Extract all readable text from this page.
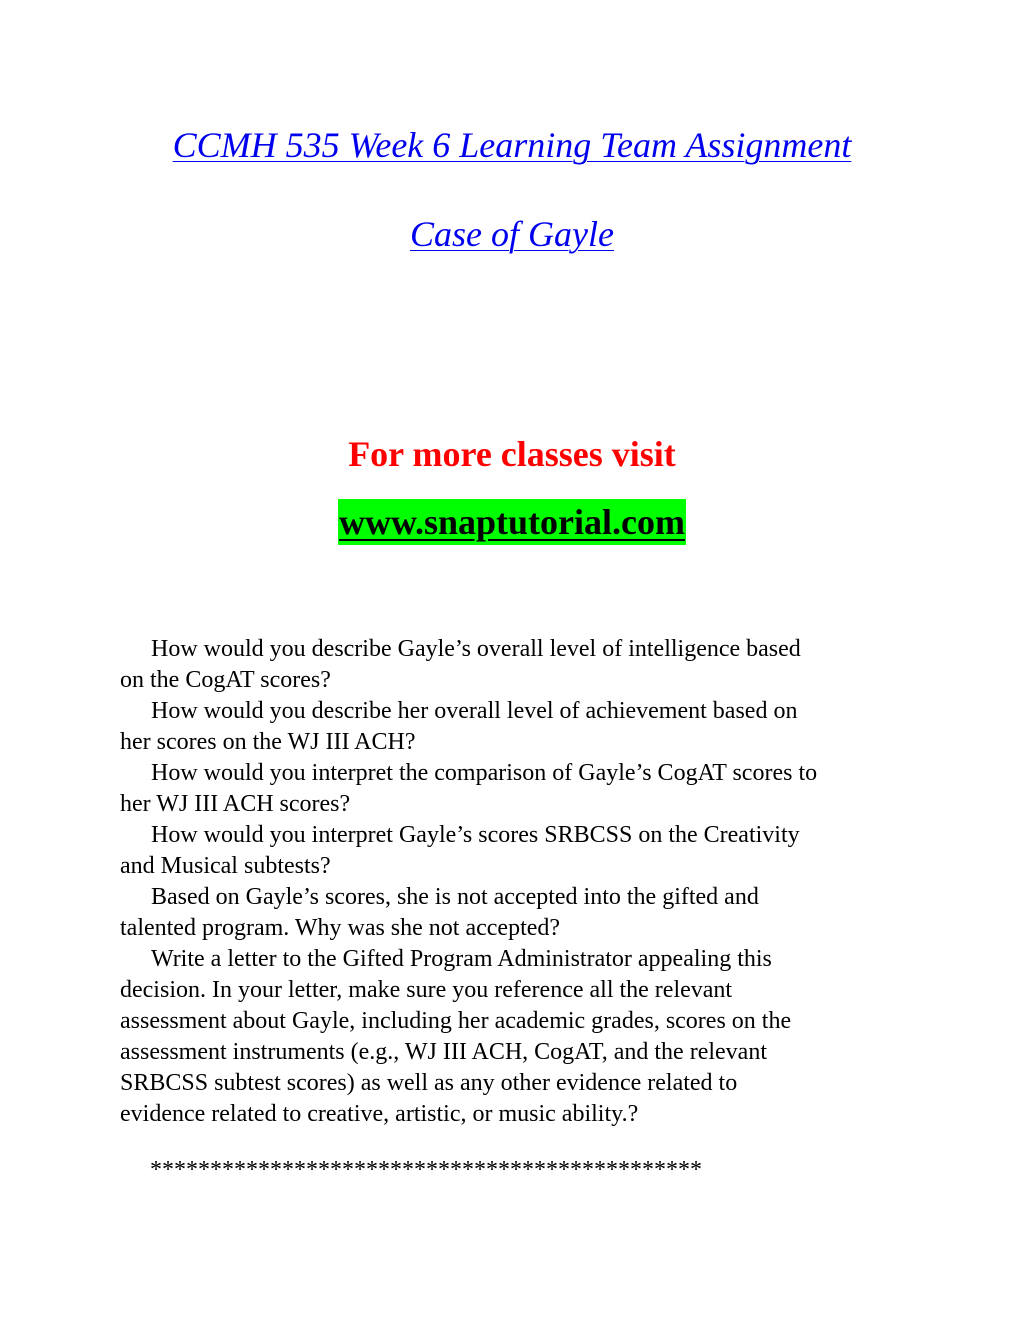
CCMH 535 Week 6 Learning Team Assignment
Case of Gayle
For more classes visit
www.snaptutorial.com

How would you describe Gayle’s overall level of intelligence based
on the CogAT scores?

How would you describe her overall level of achievement based on
her scores on the WJ III ACH?

How would you interpret the comparison of Gayle’s CogAT scores to
her WJ III ACH scores?

How would you interpret Gayle’s scores SRBCSS on the Creativity
and Musical subtests?

Based on Gayle’s scores, she is not accepted into the gifted and
talented program. Why was she not accepted?

Write a letter to the Gifted Program Administrator appealing this
decision. In your letter, make sure you reference all the relevant
assessment about Gayle, including her academic grades, scores on the
assessment instruments (e.g., WJ III ACH, CogAT, and the relevant
SRBCSS subtest scores) as well as any other evidence related to
evidence related to creative, artistic, or music ability.?

**********************************************
